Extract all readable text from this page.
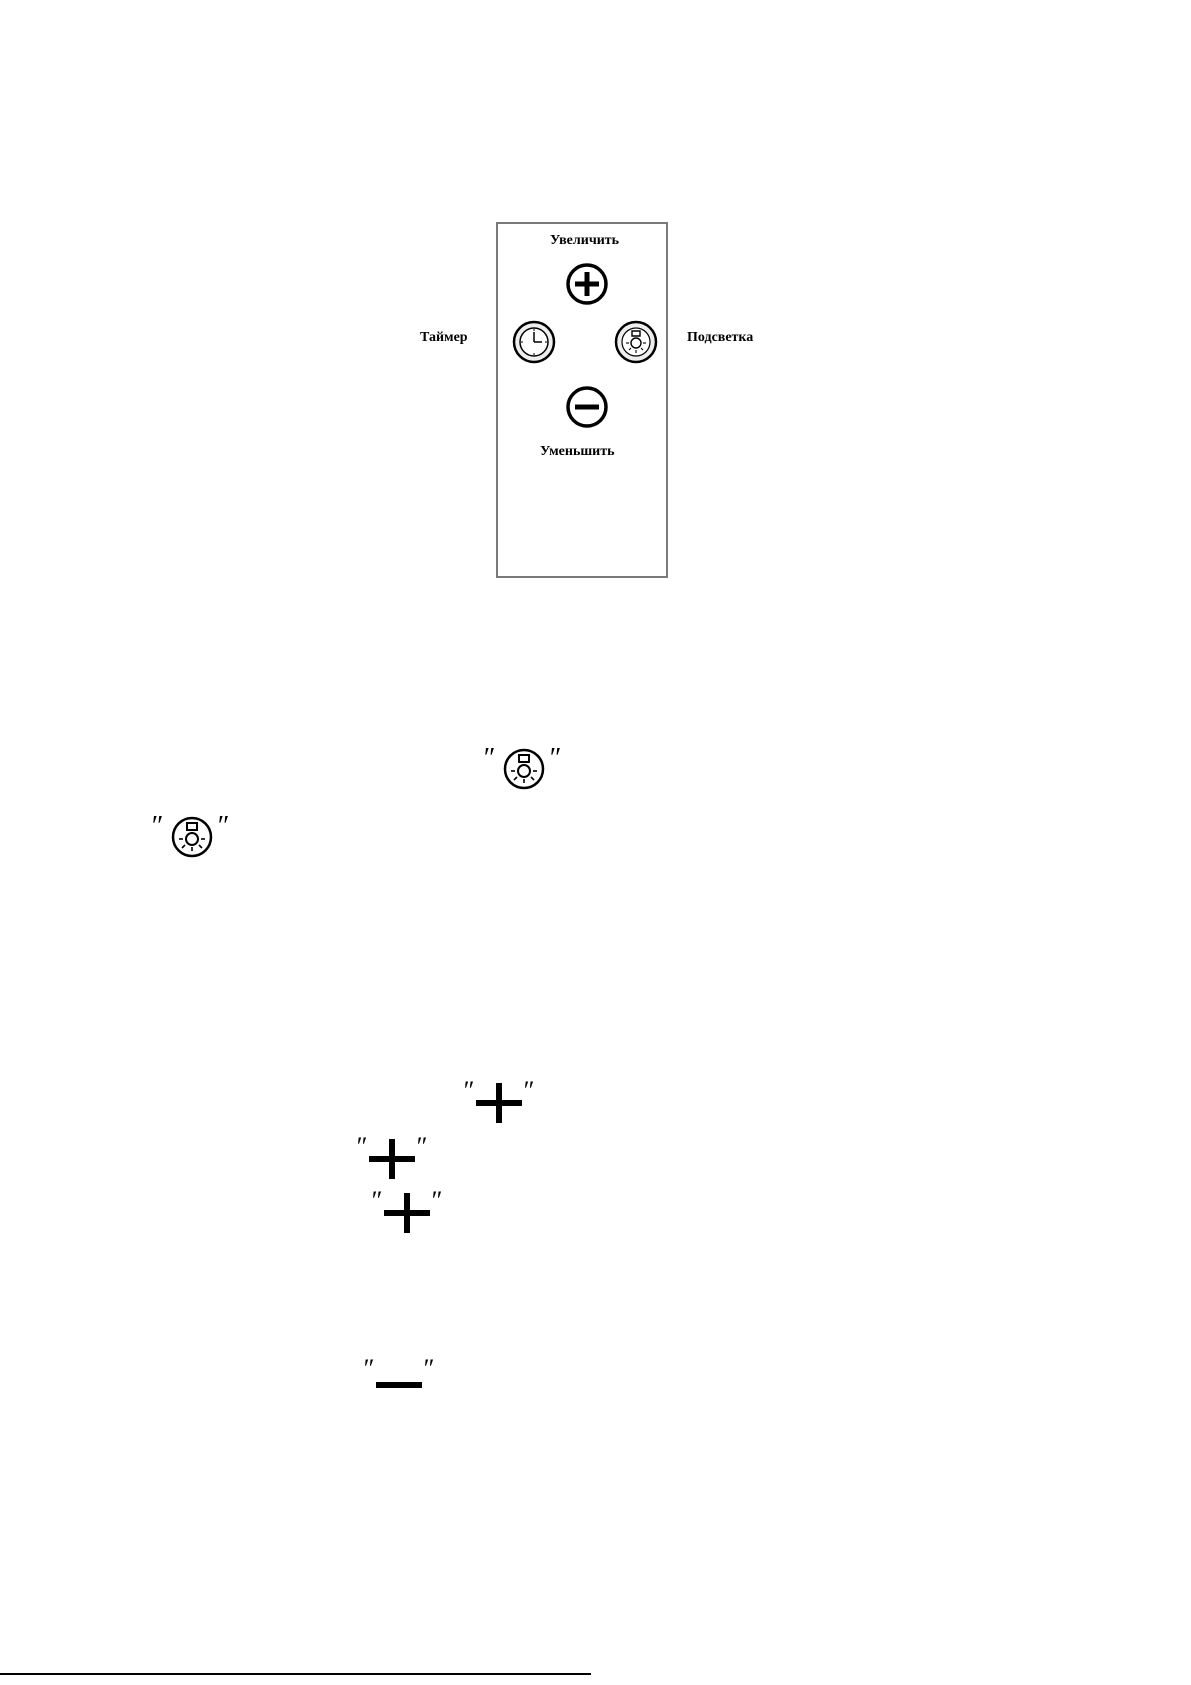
Увеличить
Уменьшить
Таймер	Подсветка
″ ″
″ ″
″ ″
″ ″
″ ″
″ ″
